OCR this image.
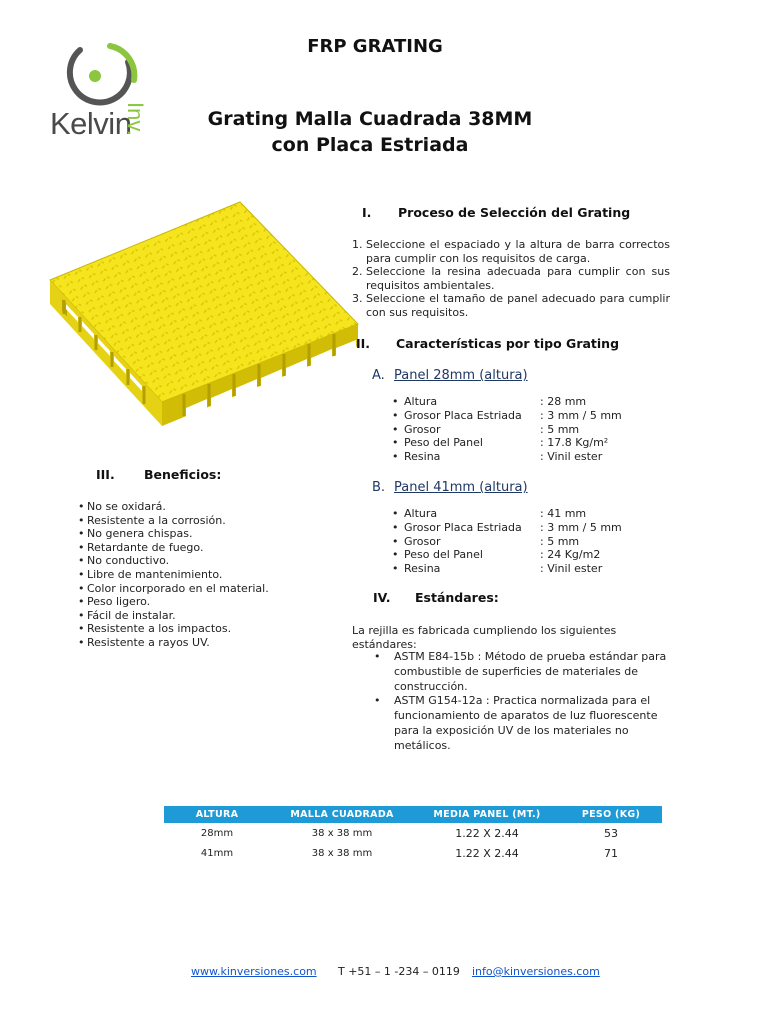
Kelvin
Inv.
FRP GRATING
Grating Malla Cuadrada 38MM
con Placa Estriada
I. Proceso de Selección del Grating
1. Seleccione el espaciado y la altura de barra correctos para cumplir con los requisitos de carga.
2. Seleccione la resina adecuada para cumplir con sus requisitos ambientales.
3. Seleccione el tamaño de panel adecuado para cumplir con sus requisitos.
II. Características por tipo Grating
A. Panel 28mm (altura)
• Altura	: 28 mm
• Grosor Placa Estriada	: 3 mm / 5 mm
• Grosor	: 5 mm
• Peso del Panel	: 17.8 Kg/m²
• Resina	: Vinil ester
B. Panel 41mm (altura)
• Altura	: 41 mm
• Grosor Placa Estriada	: 3 mm / 5 mm
• Grosor	: 5 mm
• Peso del Panel	: 24 Kg/m2
• Resina	: Vinil ester
III. Beneficios:
• No se oxidará.
• Resistente a la corrosión.
• No genera chispas.
• Retardante de fuego.
• No conductivo.
• Libre de mantenimiento.
• Color incorporado en el material.
• Peso ligero.
• Fácil de instalar.
• Resistente a los impactos.
• Resistente a rayos UV.
IV. Estándares:
La rejilla es fabricada cumpliendo los siguientes estándares:
• ASTM E84-15b : Método de prueba estándar para combustible de superficies de materiales de construcción.
• ASTM G154-12a : Practica normalizada para el funcionamiento de aparatos de luz fluorescente para la exposición UV de los materiales no metálicos.
ALTURA	MALLA CUADRADA	MEDIA PANEL (MT.)	PESO (KG)
28mm	38 x 38 mm	1.22 X 2.44	53
41mm	38 x 38 mm	1.22 X 2.44	71
www.kinversiones.com T +51 – 1 -234 – 0119 info@kinversiones.com
